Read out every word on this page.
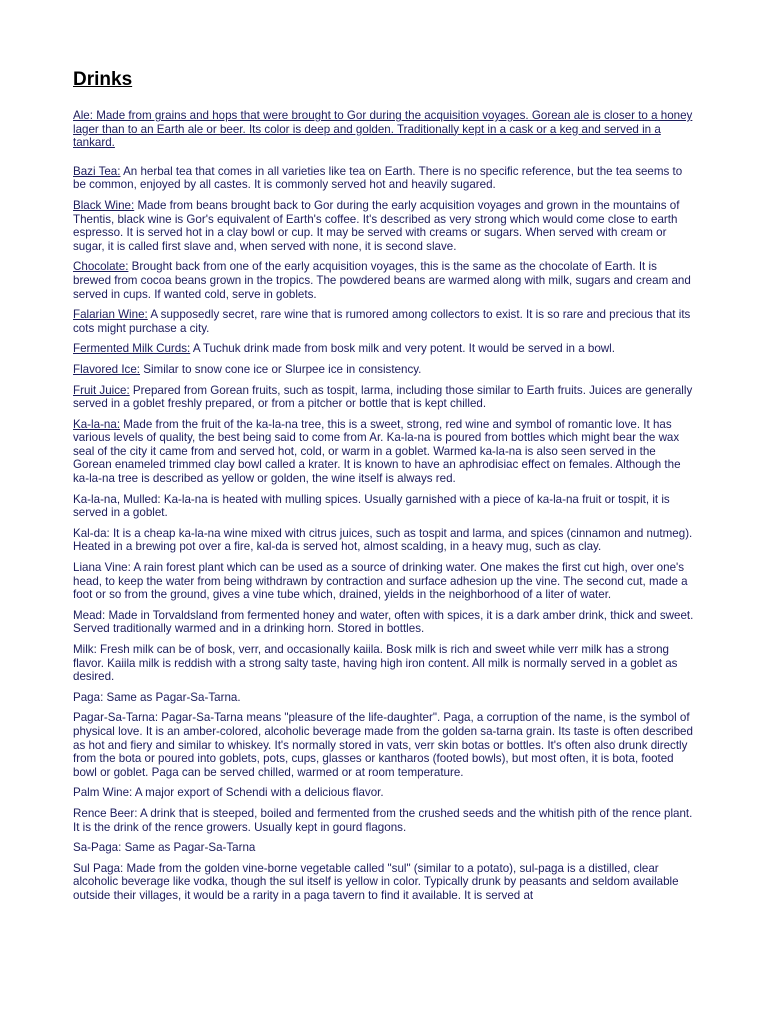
Drinks

Ale: Made from grains and hops that were brought to Gor during the acquisition voyages. Gorean ale is closer to a honey lager than to an Earth ale or beer. Its color is deep and golden. Traditionally kept in a cask or a keg and served in a tankard.

Bazi Tea: An herbal tea that comes in all varieties like tea on Earth. There is no specific reference, but the tea seems to be common, enjoyed by all castes. It is commonly served hot and heavily sugared.

Black Wine: Made from beans brought back to Gor during the early acquisition voyages and grown in the mountains of Thentis, black wine is Gor's equivalent of Earth's coffee. It's described as very strong which would come close to earth espresso. It is served hot in a clay bowl or cup. It may be served with creams or sugars. When served with cream or sugar, it is called first slave and, when served with none, it is second slave.

Chocolate: Brought back from one of the early acquisition voyages, this is the same as the chocolate of Earth. It is brewed from cocoa beans grown in the tropics. The powdered beans are warmed along with milk, sugars and cream and served in cups. If wanted cold, serve in goblets.

Falarian Wine: A supposedly secret, rare wine that is rumored among collectors to exist. It is so rare and precious that its cots might purchase a city.

Fermented Milk Curds: A Tuchuk drink made from bosk milk and very potent. It would be served in a bowl.

Flavored Ice: Similar to snow cone ice or Slurpee ice in consistency.

Fruit Juice: Prepared from Gorean fruits, such as tospit, larma, including those similar to Earth fruits. Juices are generally served in a goblet freshly prepared, or from a pitcher or bottle that is kept chilled.

Ka-la-na: Made from the fruit of the ka-la-na tree, this is a sweet, strong, red wine and symbol of romantic love. It has various levels of quality, the best being said to come from Ar. Ka-la-na is poured from bottles which might bear the wax seal of the city it came from and served hot, cold, or warm in a goblet. Warmed ka-la-na is also seen served in the Gorean enameled trimmed clay bowl called a krater. It is known to have an aphrodisiac effect on females. Although the ka-la-na tree is described as yellow or golden, the wine itself is always red.

Ka-la-na, Mulled: Ka-la-na is heated with mulling spices. Usually garnished with a piece of ka-la-na fruit or tospit, it is served in a goblet.

Kal-da: It is a cheap ka-la-na wine mixed with citrus juices, such as tospit and larma, and spices (cinnamon and nutmeg). Heated in a brewing pot over a fire, kal-da is served hot, almost scalding, in a heavy mug, such as clay.

Liana Vine: A rain forest plant which can be used as a source of drinking water. One makes the first cut high, over one's head, to keep the water from being withdrawn by contraction and surface adhesion up the vine. The second cut, made a foot or so from the ground, gives a vine tube which, drained, yields in the neighborhood of a liter of water.

Mead: Made in Torvaldsland from fermented honey and water, often with spices, it is a dark amber drink, thick and sweet. Served traditionally warmed and in a drinking horn. Stored in bottles.

Milk: Fresh milk can be of bosk, verr, and occasionally kaiila. Bosk milk is rich and sweet while verr milk has a strong flavor. Kaiila milk is reddish with a strong salty taste, having high iron content. All milk is normally served in a goblet as desired.

Paga: Same as Pagar-Sa-Tarna.

Pagar-Sa-Tarna: Pagar-Sa-Tarna means "pleasure of the life-daughter". Paga, a corruption of the name, is the symbol of physical love. It is an amber-colored, alcoholic beverage made from the golden sa-tarna grain. Its taste is often described as hot and fiery and similar to whiskey. It's normally stored in vats, verr skin botas or bottles. It's often also drunk directly from the bota or poured into goblets, pots, cups, glasses or kantharos (footed bowls), but most often, it is bota, footed bowl or goblet. Paga can be served chilled, warmed or at room temperature.

Palm Wine: A major export of Schendi with a delicious flavor.

Rence Beer: A drink that is steeped, boiled and fermented from the crushed seeds and the whitish pith of the rence plant. It is the drink of the rence growers. Usually kept in gourd flagons.

Sa-Paga: Same as Pagar-Sa-Tarna

Sul Paga: Made from the golden vine-borne vegetable called "sul" (similar to a potato), sul-paga is a distilled, clear alcoholic beverage like vodka, though the sul itself is yellow in color. Typically drunk by peasants and seldom available outside their villages, it would be a rarity in a paga tavern to find it available. It is served at
